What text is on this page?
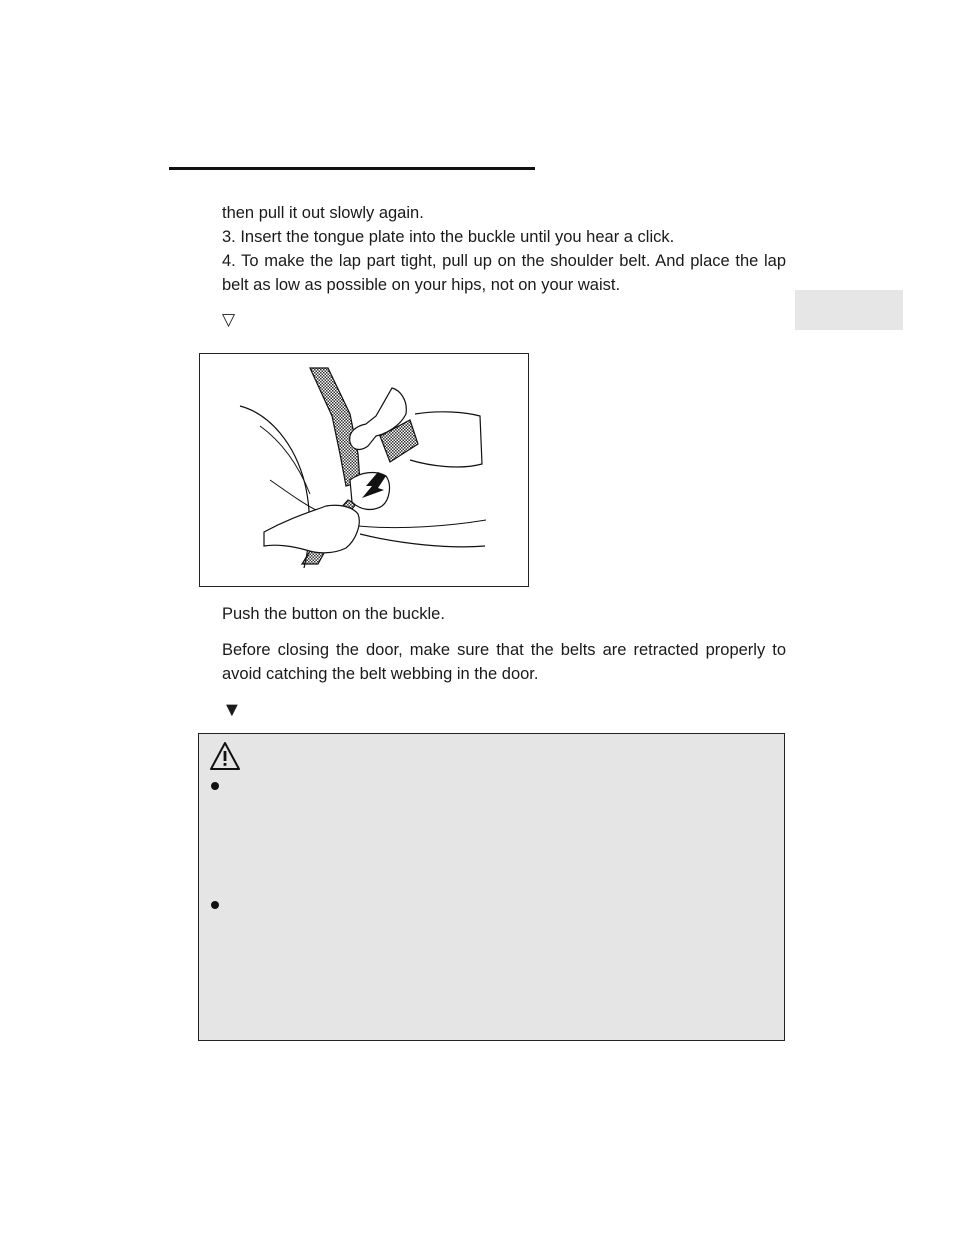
then pull it out slowly again.
3. Insert the tongue plate into the buckle until you hear a click.
4. To make the lap part tight, pull up on the shoulder belt. And place the lap belt as low as possible on your hips, not on your waist.
▽
Push the button on the buckle.
Before closing the door, make sure that the belts are retracted properly to avoid catching the belt webbing in the door.
▼
